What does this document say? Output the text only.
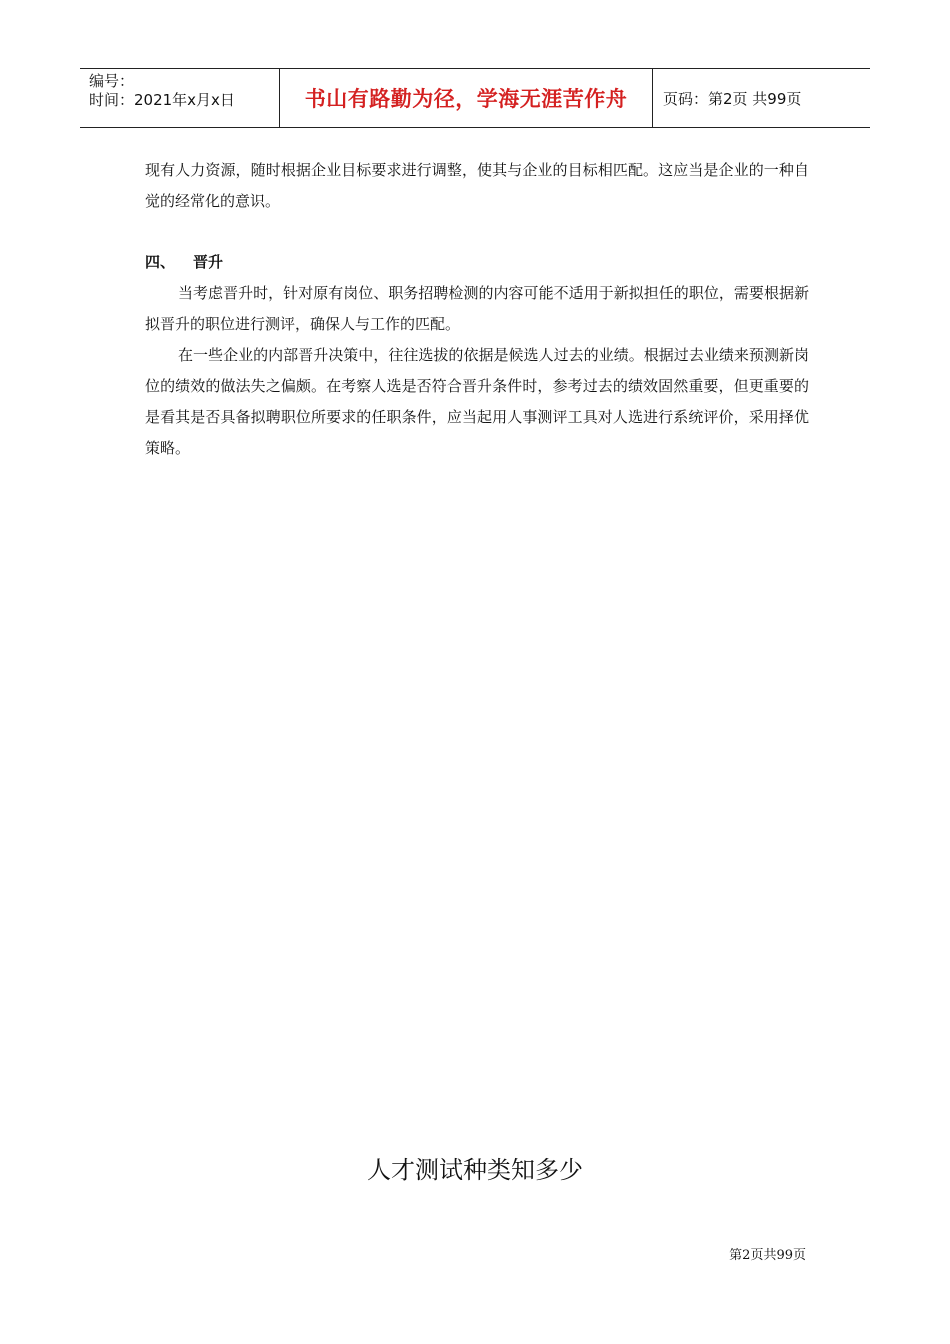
编号：
时间：2021年x月x日	书山有路勤为径，学海无涯苦作舟	页码：第2页 共99页

现有人力资源，随时根据企业目标要求进行调整，使其与企业的目标相匹配。这应当是企业的一种自觉的经常化的意识。

四、 晋升

当考虑晋升时，针对原有岗位、职务招聘检测的内容可能不适用于新拟担任的职位，需要根据新拟晋升的职位进行测评，确保人与工作的匹配。

在一些企业的内部晋升决策中，往往选拔的依据是候选人过去的业绩。根据过去业绩来预测新岗位的绩效的做法失之偏颇。在考察人选是否符合晋升条件时，参考过去的绩效固然重要，但更重要的是看其是否具备拟聘职位所要求的任职条件，应当起用人事测评工具对人选进行系统评价，采用择优策略。

人才测试种类知多少
第2页共99页
